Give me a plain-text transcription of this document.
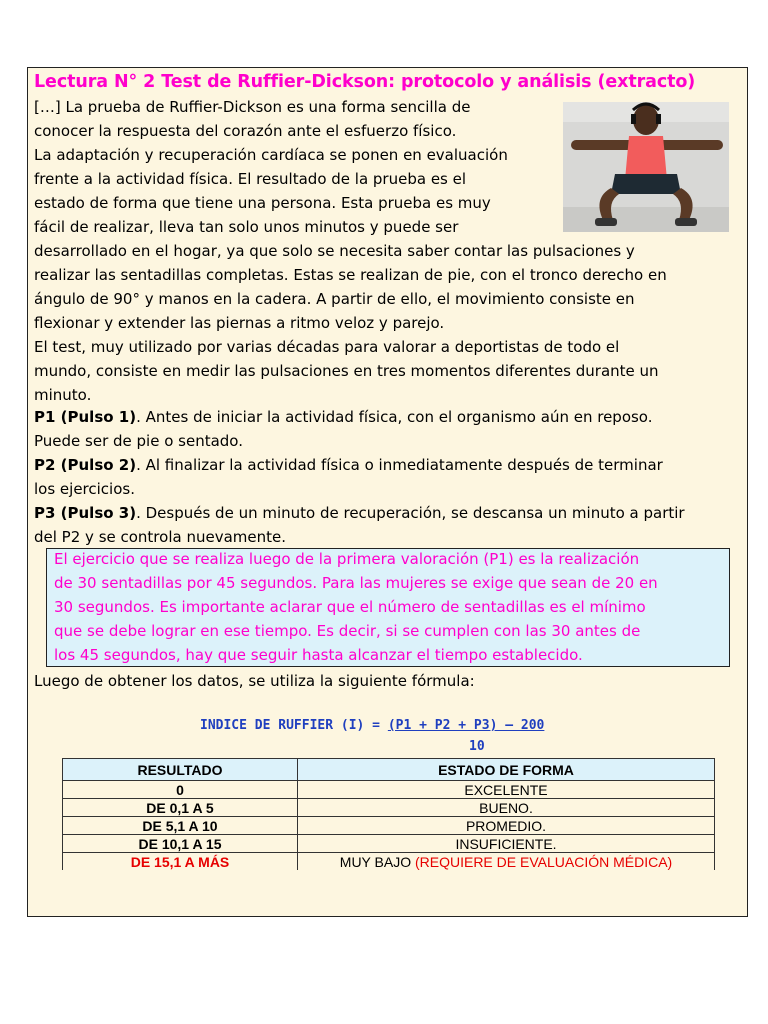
Lectura N° 2 Test de Ruffier-Dickson: protocolo y análisis (extracto)
[…] La prueba de Ruffier-Dickson es una forma sencilla de
conocer la respuesta del corazón ante el esfuerzo físico.
La adaptación y recuperación cardíaca se ponen en evaluación
frente a la actividad física. El resultado de la prueba es el
estado de forma que tiene una persona. Esta prueba es muy
fácil de realizar, lleva tan solo unos minutos y puede ser
desarrollado en el hogar, ya que solo se necesita saber contar las pulsaciones y
realizar las sentadillas completas. Estas se realizan de pie, con el tronco derecho en
ángulo de 90° y manos en la cadera. A partir de ello, el movimiento consiste en
flexionar y extender las piernas a ritmo veloz y parejo.
El test, muy utilizado por varias décadas para valorar a deportistas de todo el
mundo, consiste en medir las pulsaciones en tres momentos diferentes durante un
minuto.
P1 (Pulso 1). Antes de iniciar la actividad física, con el organismo aún en reposo.
Puede ser de pie o sentado.
P2 (Pulso 2). Al finalizar la actividad física o inmediatamente después de terminar
los ejercicios.
P3 (Pulso 3). Después de un minuto de recuperación, se descansa un minuto a partir
del P2 y se controla nuevamente.
El ejercicio que se realiza luego de la primera valoración (P1) es la realización
de 30 sentadillas por 45 segundos. Para las mujeres se exige que sean de 20 en
30 segundos. Es importante aclarar que el número de sentadillas es el mínimo
que se debe lograr en ese tiempo. Es decir, si se cumplen con las 30 antes de
los 45 segundos, hay que seguir hasta alcanzar el tiempo establecido.
Luego de obtener los datos, se utiliza la siguiente fórmula:
INDICE DE RUFFIER (I) = (P1 + P2 + P3) – 200
10
RESULTADO	ESTADO DE FORMA
0	EXCELENTE
DE 0,1 A 5	BUENO.
DE 5,1 A 10	PROMEDIO.
DE 10,1 A 15	INSUFICIENTE.
DE 15,1 A MÁS	MUY BAJO (REQUIERE DE EVALUACIÓN MÉDICA)
